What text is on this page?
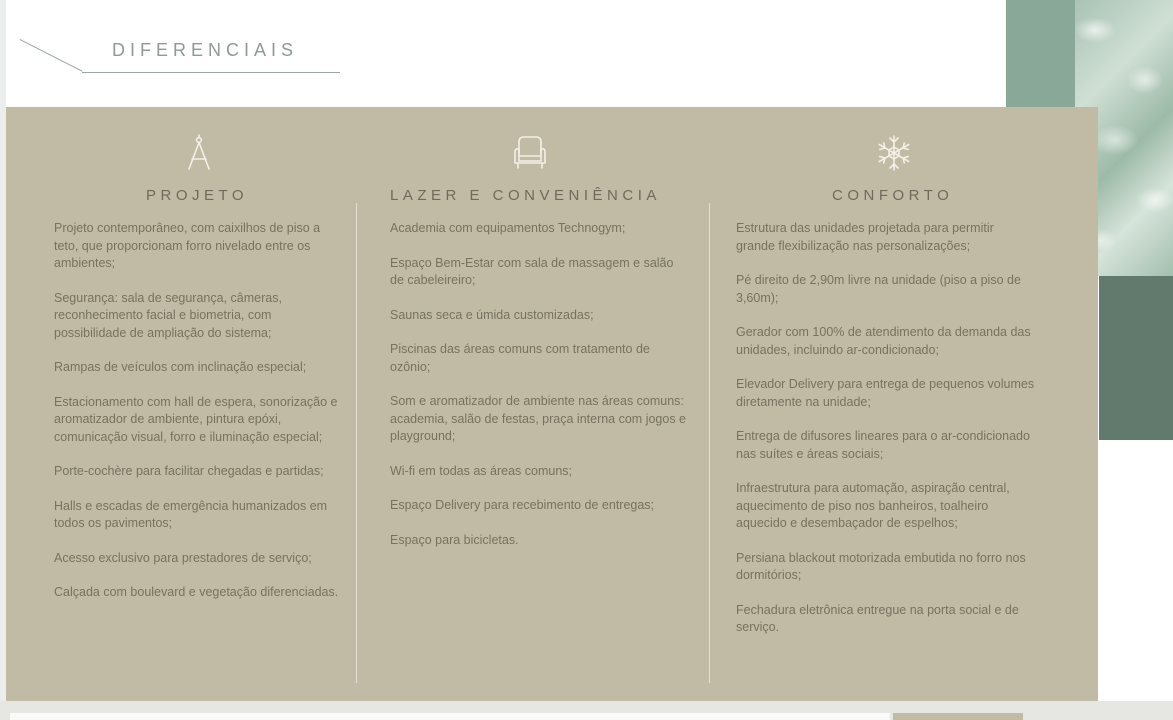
DIFERENCIAIS
PROJETO
Projeto contemporâneo, com caixilhos de piso a teto, que proporcionam forro nivelado entre os ambientes;
Segurança: sala de segurança, câmeras, reconhecimento facial e biometria, com possibilidade de ampliação do sistema;
Rampas de veículos com inclinação especial;
Estacionamento com hall de espera, sonorização e aromatizador de ambiente, pintura epóxi, comunicação visual, forro e iluminação especial;
Porte-cochère para facilitar chegadas e partidas;
Halls e escadas de emergência humanizados em todos os pavimentos;
Acesso exclusivo para prestadores de serviço;
Calçada com boulevard e vegetação diferenciadas.
LAZER E CONVENIÊNCIA
Academia com equipamentos Technogym;
Espaço Bem-Estar com sala de massagem e salão de cabeleireiro;
Saunas seca e úmida customizadas;
Piscinas das áreas comuns com tratamento de ozônio;
Som e aromatizador de ambiente nas áreas comuns: academia, salão de festas, praça interna com jogos e playground;
Wi-fi em todas as áreas comuns;
Espaço Delivery para recebimento de entregas;
Espaço para bicicletas.
CONFORTO
Estrutura das unidades projetada para permitir grande flexibilização nas personalizações;
Pé direito de 2,90m livre na unidade (piso a piso de 3,60m);
Gerador com 100% de atendimento da demanda das unidades, incluindo ar-condicionado;
Elevador Delivery para entrega de pequenos volumes diretamente na unidade;
Entrega de difusores lineares para o ar-condicionado nas suítes e áreas sociais;
Infraestrutura para automação, aspiração central, aquecimento de piso nos banheiros, toalheiro aquecido e desembaçador de espelhos;
Persiana blackout motorizada embutida no forro nos dormitórios;
Fechadura eletrônica entregue na porta social e de serviço.
